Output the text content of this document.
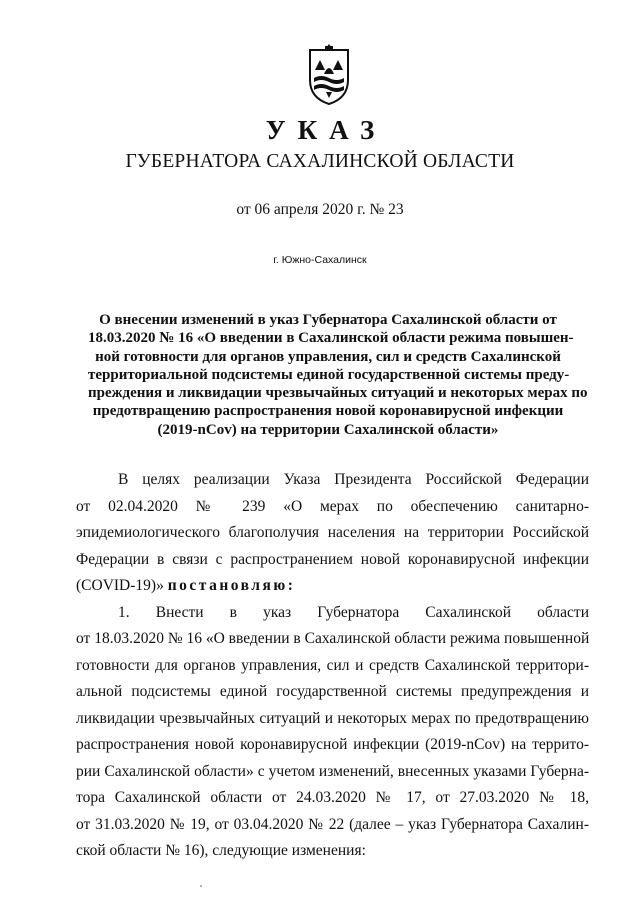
УКАЗ
ГУБЕРНАТОРА САХАЛИНСКОЙ ОБЛАСТИ
от 06 апреля 2020 г. № 23
г. Южно-Сахалинск
О внесении изменений в указ Губернатора Сахалинской области от
18.03.2020 № 16 «О введении в Сахалинской области режима повышен-
ной готовности для органов управления, сил и средств Сахалинской
территориальной подсистемы единой государственной системы преду-
преждения и ликвидации чрезвычайных ситуаций и некоторых мерах по
предотвращению распространения новой коронавирусной инфекции
(2019-nCov) на территории Сахалинской области»
В целях реализации Указа Президента Российской Федерации
от 02.04.2020 № 239 «О мерах по обеспечению санитарно-
эпидемиологического благополучия населения на территории Российской
Федерации в связи с распространением новой коронавирусной инфекции
(COVID-19)» постановляю:
1. Внести в указ Губернатора Сахалинской области
от 18.03.2020 № 16 «О введении в Сахалинской области режима повышенной
готовности для органов управления, сил и средств Сахалинской территори-
альной подсистемы единой государственной системы предупреждения и
ликвидации чрезвычайных ситуаций и некоторых мерах по предотвращению
распространения новой коронавирусной инфекции (2019-nCov) на террито-
рии Сахалинской области» с учетом изменений, внесенных указами Губерна-
тора Сахалинской области от 24.03.2020 № 17, от 27.03.2020 № 18,
от 31.03.2020 № 19, от 03.04.2020 № 22 (далее – указ Губернатора Сахалин-
ской области № 16), следующие изменения:
